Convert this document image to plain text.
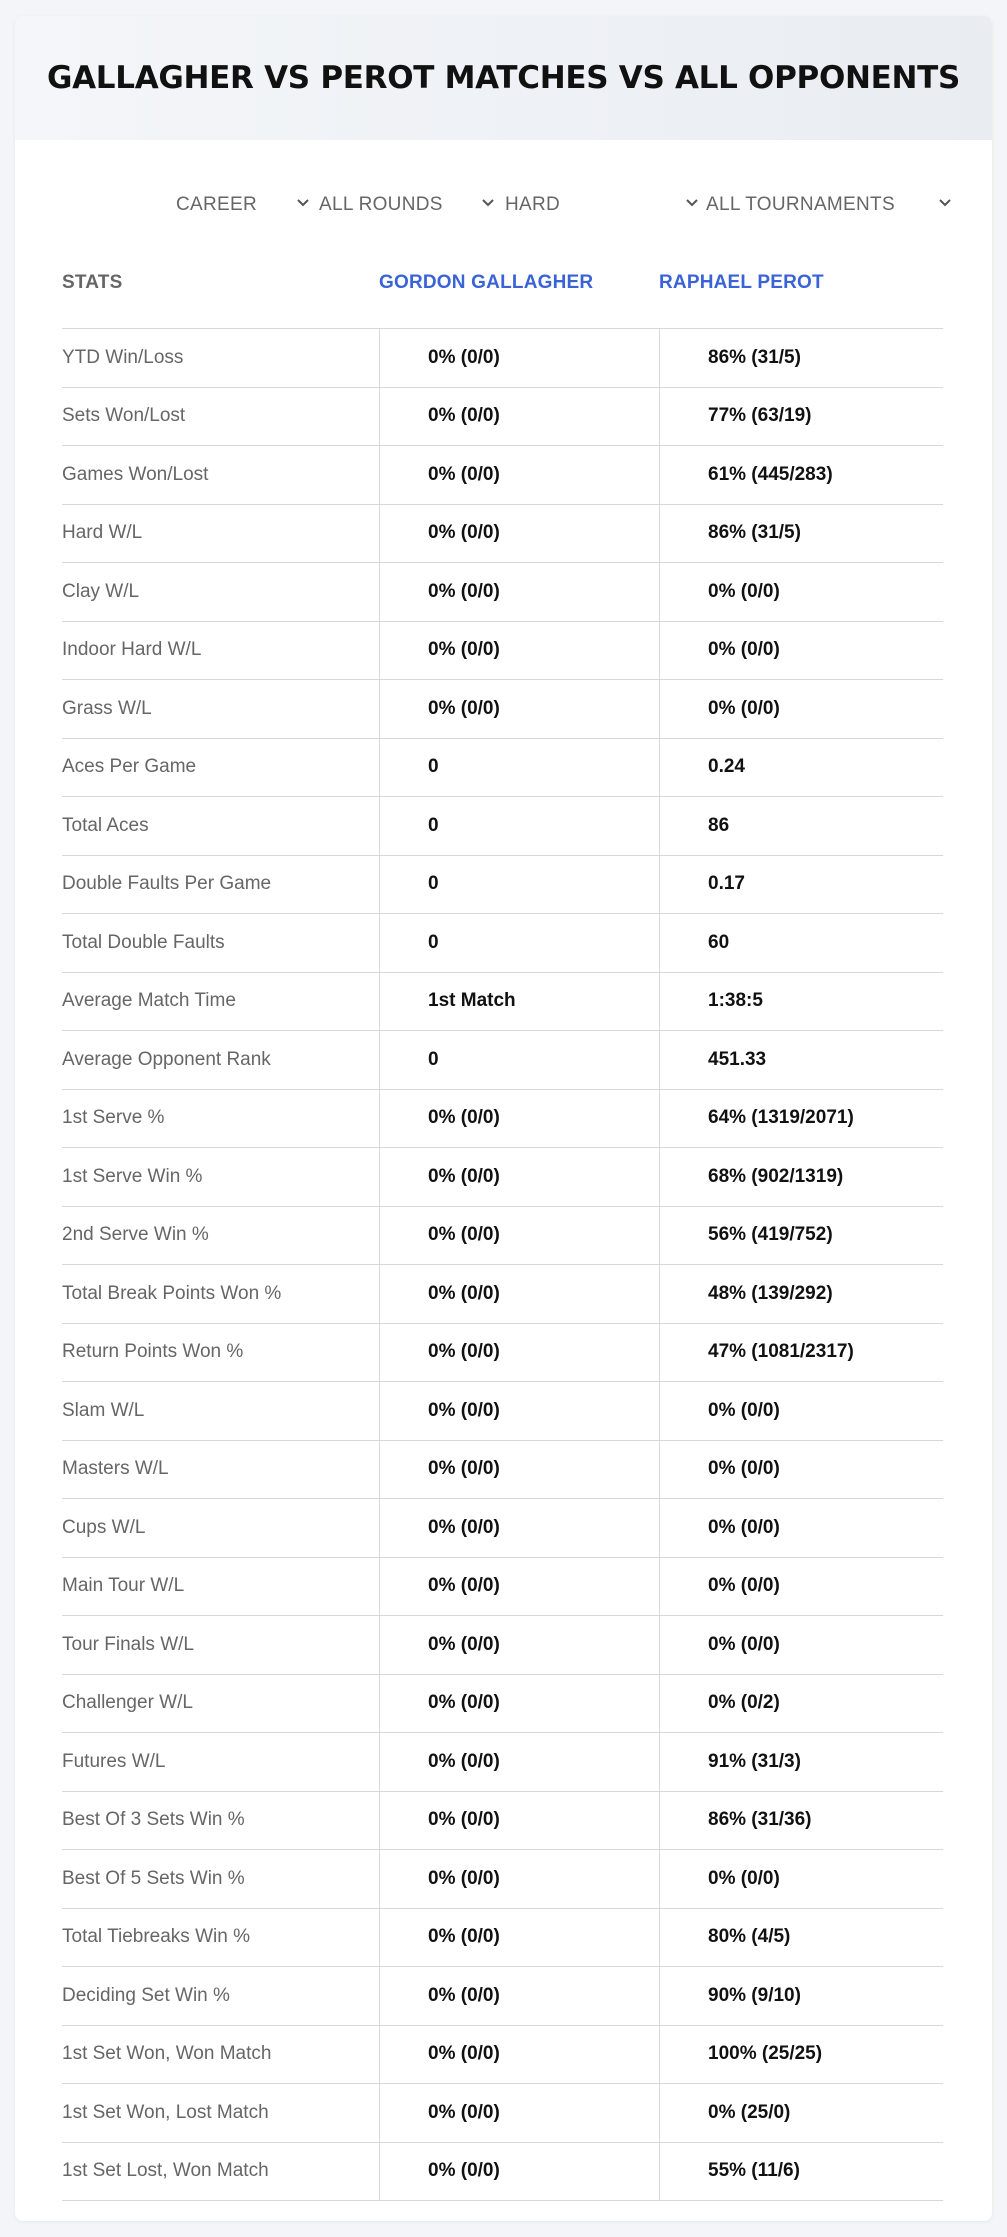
GALLAGHER VS PEROT MATCHES VS ALL OPPONENTS
CAREER	ALL ROUNDS	HARD	ALL TOURNAMENTS
STATS	GORDON GALLAGHER	RAPHAEL PEROT
YTD Win/Loss	0% (0/0)	86% (31/5)
Sets Won/Lost	0% (0/0)	77% (63/19)
Games Won/Lost	0% (0/0)	61% (445/283)
Hard W/L	0% (0/0)	86% (31/5)
Clay W/L	0% (0/0)	0% (0/0)
Indoor Hard W/L	0% (0/0)	0% (0/0)
Grass W/L	0% (0/0)	0% (0/0)
Aces Per Game	0	0.24
Total Aces	0	86
Double Faults Per Game	0	0.17
Total Double Faults	0	60
Average Match Time	1st Match	1:38:5
Average Opponent Rank	0	451.33
1st Serve %	0% (0/0)	64% (1319/2071)
1st Serve Win %	0% (0/0)	68% (902/1319)
2nd Serve Win %	0% (0/0)	56% (419/752)
Total Break Points Won %	0% (0/0)	48% (139/292)
Return Points Won %	0% (0/0)	47% (1081/2317)
Slam W/L	0% (0/0)	0% (0/0)
Masters W/L	0% (0/0)	0% (0/0)
Cups W/L	0% (0/0)	0% (0/0)
Main Tour W/L	0% (0/0)	0% (0/0)
Tour Finals W/L	0% (0/0)	0% (0/0)
Challenger W/L	0% (0/0)	0% (0/2)
Futures W/L	0% (0/0)	91% (31/3)
Best Of 3 Sets Win %	0% (0/0)	86% (31/36)
Best Of 5 Sets Win %	0% (0/0)	0% (0/0)
Total Tiebreaks Win %	0% (0/0)	80% (4/5)
Deciding Set Win %	0% (0/0)	90% (9/10)
1st Set Won, Won Match	0% (0/0)	100% (25/25)
1st Set Won, Lost Match	0% (0/0)	0% (25/0)
1st Set Lost, Won Match	0% (0/0)	55% (11/6)
